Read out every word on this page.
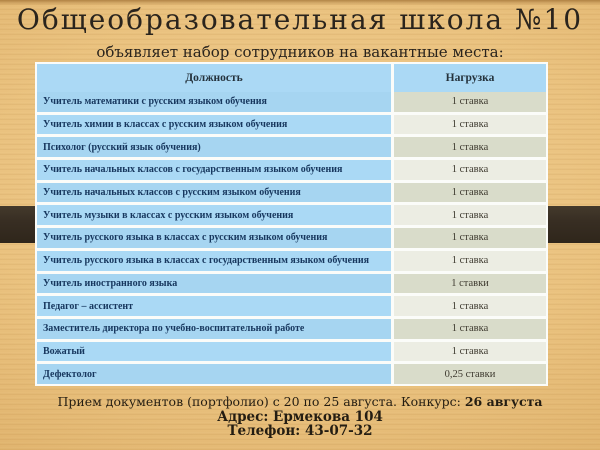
Общеобразовательная школа №10
объявляет набор сотрудников на вакантные места:
Должность	Нагрузка
Учитель математики с русским языком обучения	1 ставка
Учитель химии в классах с русским языком обучения	1 ставка
Психолог (русский язык обучения)	1 ставка
Учитель начальных классов с государственным языком обучения	1 ставка
Учитель начальных классов с русским языком обучения	1 ставка
Учитель музыки в классах с русским языком обучения	1 ставка
Учитель русского языка в классах с русским языком обучения	1 ставка
Учитель русского языка в классах с государственным языком обучения	1 ставка
Учитель иностранного языка	1 ставки
Педагог – ассистент	1 ставка
Заместитель директора по учебно-воспитательной работе	1 ставка
Вожатый	1 ставка
Дефектолог	0,25 ставки
Прием документов (портфолио) с 20 по 25 августа. Конкурс: 26 августа
Адрес: Ермекова 104
Телефон: 43-07-32
